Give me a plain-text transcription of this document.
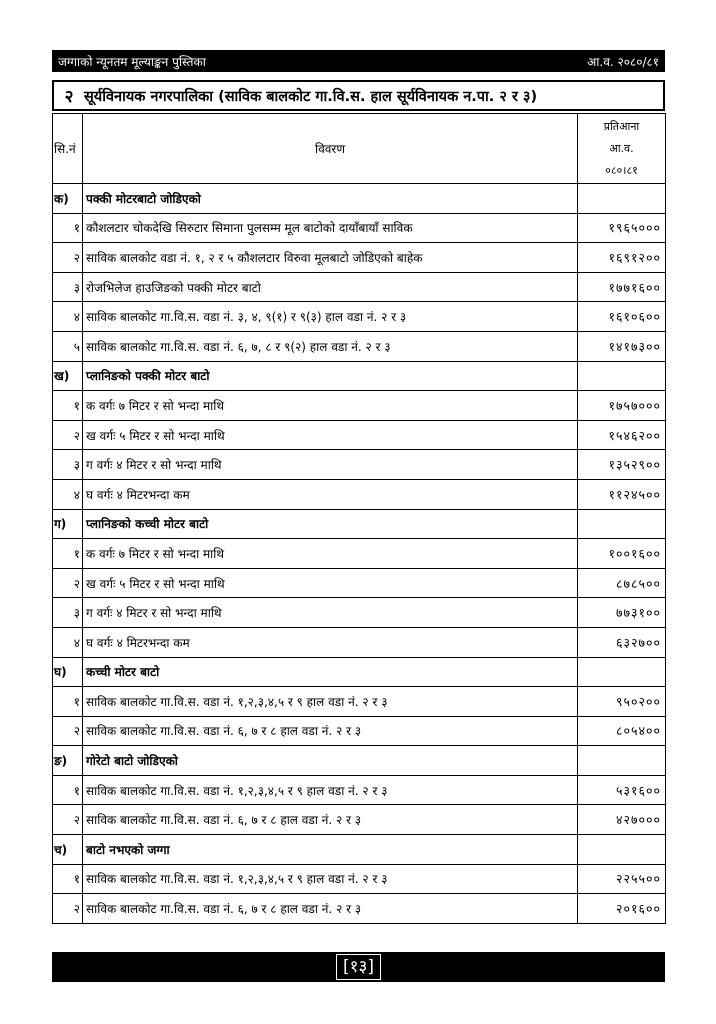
जग्गाको न्यूनतम मूल्याङ्कन पुस्तिका	आ.व. २०८०/८१
२ सूर्यविनायक नगरपालिका (साविक बालकोट गा.वि.स. हाल सूर्यविनायक न.पा. २ र ३)
सि.नं	विवरण	प्रतिआना
आ.व.
०८०।८१

क)	पक्की मोटरबाटो जोडिएको	
१	कौशलटार चोकदेखि सिरुटार सिमाना पुलसम्म मूल बाटोको दायाँबायाँ साविक	१९६५०००
२	साविक बालकोट वडा नं. १, २ र ५ कौशलटार विरुवा मूलबाटो जोडिएको बाहेक	१६९१२००
३	रोजभिलेज हाउजिङको पक्की मोटर बाटो	१७७१६००
४	साविक बालकोट गा.वि.स. वडा नं. ३, ४, ९(१) र ९(३) हाल वडा नं. २ र ३	१६१०६००
५	साविक बालकोट गा.वि.स. वडा नं. ६, ७, ८ र ९(२) हाल वडा नं. २ र ३	१४१७३००
ख)	प्लानिङको पक्की मोटर बाटो	
१	क वर्गः ७ मिटर र सो भन्दा माथि	१७५७०००
२	ख वर्गः ५ मिटर र सो भन्दा माथि	१५४६२००
३	ग वर्गः ४ मिटर र सो भन्दा माथि	१३५२९००
४	घ वर्गः ४ मिटरभन्दा कम	११२४५००
ग)	प्लानिङको कच्ची मोटर बाटो	
१	क वर्गः ७ मिटर र सो भन्दा माथि	१००१६००
२	ख वर्गः ५ मिटर र सो भन्दा माथि	८७८५००
३	ग वर्गः ४ मिटर र सो भन्दा माथि	७७३१००
४	घ वर्गः ४ मिटरभन्दा कम	६३२७००
घ)	कच्ची मोटर बाटो	
१	साविक बालकोट गा.वि.स. वडा नं. १,२,३,४,५ र ९ हाल वडा नं. २ र ३	९५०२००
२	साविक बालकोट गा.वि.स. वडा नं. ६, ७ र ८ हाल वडा नं. २ र ३	८०५४००
ङ)	गोरेटो बाटो जोडिएको	
१	साविक बालकोट गा.वि.स. वडा नं. १,२,३,४,५ र ९ हाल वडा नं. २ र ३	५३१६००
२	साविक बालकोट गा.वि.स. वडा नं. ६, ७ र ८ हाल वडा नं. २ र ३	४२७०००
च)	बाटो नभएको जग्गा	
१	साविक बालकोट गा.वि.स. वडा नं. १,२,३,४,५ र ९ हाल वडा नं. २ र ३	२२५५००
२	साविक बालकोट गा.वि.स. वडा नं. ६, ७ र ८ हाल वडा नं. २ र ३	२०१६००
[१३]
